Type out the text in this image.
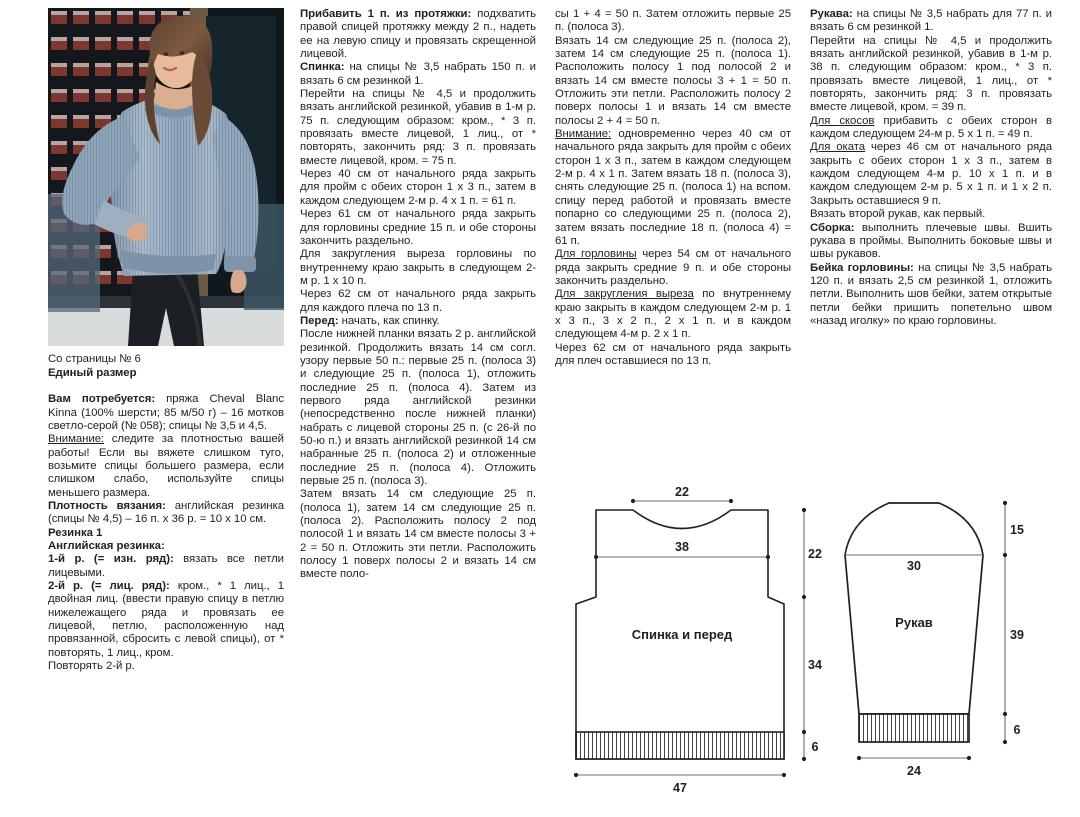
Со страницы № 6
Единый размер

Вам потребуется: пряжа Cheval Blanc Kinna (100% шерсти; 85 м/50 г) – 16 мотков светло-серой (№ 058); спицы № 3,5 и 4,5.

Внимание: следите за плотностью вашей работы! Если вы вяжете слишком туго, возьмите спицы большего размера, если слишком слабо, используйте спицы меньшего размера.

Плотность вязания: английская резинка (спицы № 4,5) – 16 п. х 36 р. = 10 х 10 см.

Резинка 1

Английская резинка:

1-й р. (= изн. ряд): вязать все петли лицевыми.

2-й р. (= лиц. ряд): кром., * 1 лиц., 1 двойная лиц. (ввести правую спицу в петлю нижележащего ряда и провязать ее лицевой, петлю, расположенную над провязанной, сбросить с левой спицы), от * повторять, 1 лиц., кром.

Повторять 2-й р.

Прибавить 1 п. из протяжки: подхватить правой спицей протяжку между 2 п., надеть ее на левую спицу и провязать скрещенной лицевой.

Спинка: на спицы № 3,5 набрать 150 п. и вязать 6 см резинкой 1.

Перейти на спицы № 4,5 и продолжить вязать английской резинкой, убавив в 1-м р. 75 п. следующим образом: кром., * 3 п. провязать вместе лицевой, 1 лиц., от * повторять, закончить ряд: 3 п. провязать вместе лицевой, кром. = 75 п.

Через 40 см от начального ряда закрыть для пройм с обеих сторон 1 х 3 п., затем в каждом следующем 2-м р. 4 х 1 п. = 61 п.

Через 61 см от начального ряда закрыть для горловины средние 15 п. и обе стороны закончить раздельно.

Для закругления выреза горловины по внутреннему краю закрыть в следующем 2-м р. 1 х 10 п.

Через 62 см от начального ряда закрыть для каждого плеча по 13 п.

Перед: начать, как спинку.

После нижней планки вязать 2 р. английской резинкой. Продолжить вязать 14 см согл. узору первые 50 п.: первые 25 п. (полоса 3) и следующие 25 п. (полоса 1), отложить последние 25 п. (полоса 4). Затем из первого ряда английской резинки (непосредственно после нижней планки) набрать с лицевой стороны 25 п. (с 26-й по 50-ю п.) и вязать английской резинкой 14 см набранные 25 п. (полоса 2) и отложенные последние 25 п. (полоса 4). Отложить первые 25 п. (полоса 3).

Затем вязать 14 см следующие 25 п. (полоса 1), затем 14 см следующие 25 п. (полоса 2). Расположить полосу 2 под полосой 1 и вязать 14 см вместе полосы 3 + 2 = 50 п. Отложить эти петли. Расположить полосу 1 поверх полосы 2 и вязать 14 см вместе поло-

сы 1 + 4 = 50 п. Затем отложить первые 25 п. (полоса 3).

Вязать 14 см следующие 25 п. (полоса 2), затем 14 см следующие 25 п. (полоса 1). Расположить полосу 1 под полосой 2 и вязать 14 см вместе полосы 3 + 1 = 50 п. Отложить эти петли. Расположить полосу 2 поверх полосы 1 и вязать 14 см вместе полосы 2 + 4 = 50 п.

Внимание: одновременно через 40 см от начального ряда закрыть для пройм с обеих сторон 1 х 3 п., затем в каждом следующем 2-м р. 4 х 1 п. Затем вязать 18 п. (полоса 3), снять следующие 25 п. (полоса 1) на вспом. спицу перед работой и провязать вместе попарно со следующими 25 п. (полоса 2), затем вязать последние 18 п. (полоса 4) = 61 п.

Для горловины через 54 см от начального ряда закрыть средние 9 п. и обе стороны закончить раздельно.

Для закругления выреза по внутреннему краю закрыть в каждом следующем 2-м р. 1 х 3 п., 3 х 2 п., 2 х 1 п. и в каждом следующем 4-м р. 2 х 1 п.

Через 62 см от начального ряда закрыть для плеч оставшиеся по 13 п.

Рукава: на спицы № 3,5 набрать для 77 п. и вязать 6 см резинкой 1.

Перейти на спицы № 4,5 и продолжить вязать английской резинкой, убавив в 1-м р. 38 п. следующим образом: кром., * 3 п. провязать вместе лицевой, 1 лиц., от * повторять, закончить ряд: 3 п. провязать вместе лицевой, кром. = 39 п.

Для скосов прибавить с обеих сторон в каждом следующем 24-м р. 5 х 1 п. = 49 п.

Для оката через 46 см от начального ряда закрыть с обеих сторон 1 х 3 п., затем в каждом следующем 4-м р. 10 х 1 п. и в каждом следующем 2-м р. 5 х 1 п. и 1 х 2 п. Закрыть оставшиеся 9 п.

Вязать второй рукав, как первый.

Сборка: выполнить плечевые швы. Вшить рукава в проймы. Выполнить боковые швы и швы рукавов.

Бейка горловины: на спицы № 3,5 набрать 120 п. и вязать 2,5 см резинкой 1, отложить петли. Выполнить шов бейки, затем открытые петли бейки пришить попетельно швом «назад иголку» по краю горловины.

22
38	22
34
6
47
Спинка и перед
30
15
39
6
24
Рукав
